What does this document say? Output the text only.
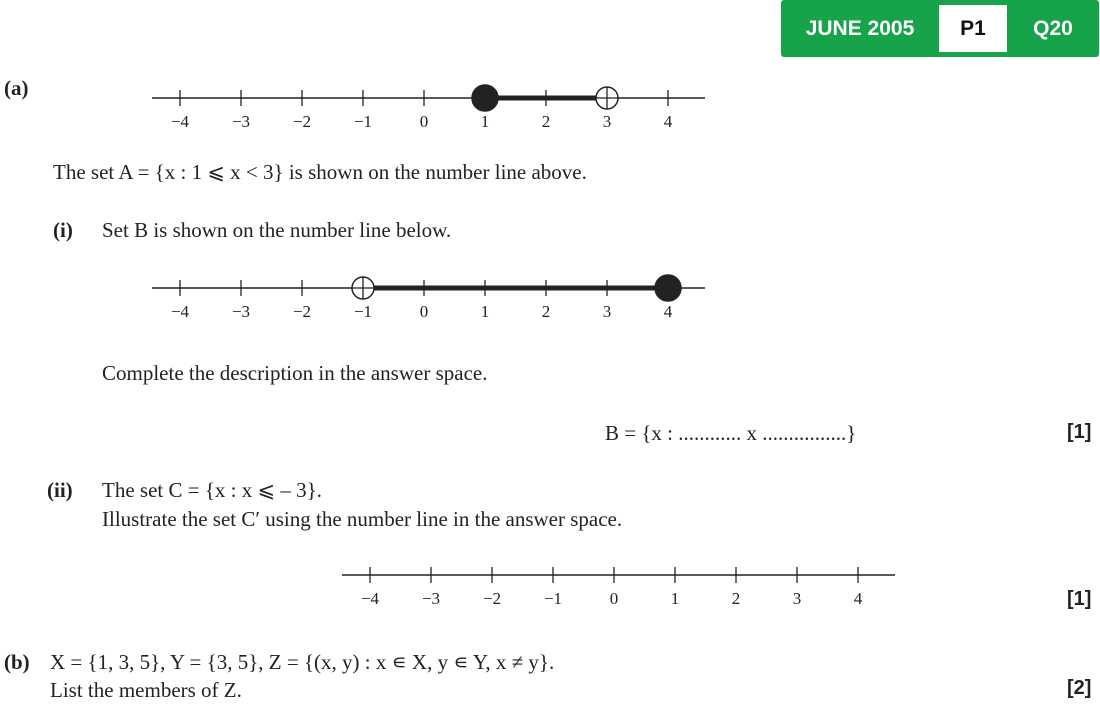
JUNE 2005	P1	Q20
(a)
−4	−3	−2	−1	0	1	2	3	4
The set A = {x : 1 ⩽ x < 3} is shown on the number line above.
(i) Set B is shown on the number line below.
−4	−3	−2	−1	0	1	2	3	4
Complete the description in the answer space.
B = {x : ............ x ................}	[1]
(ii) The set C = {x : x ⩽ – 3}.
Illustrate the set C′ using the number line in the answer space.
−4	−3	−2	−1	0	1	2	3	4	[1]
(b) X = {1, 3, 5}, Y = {3, 5}, Z = {(x, y) : x ∊ X, y ∊ Y, x ≠ y}.
List the members of Z.	[2]
